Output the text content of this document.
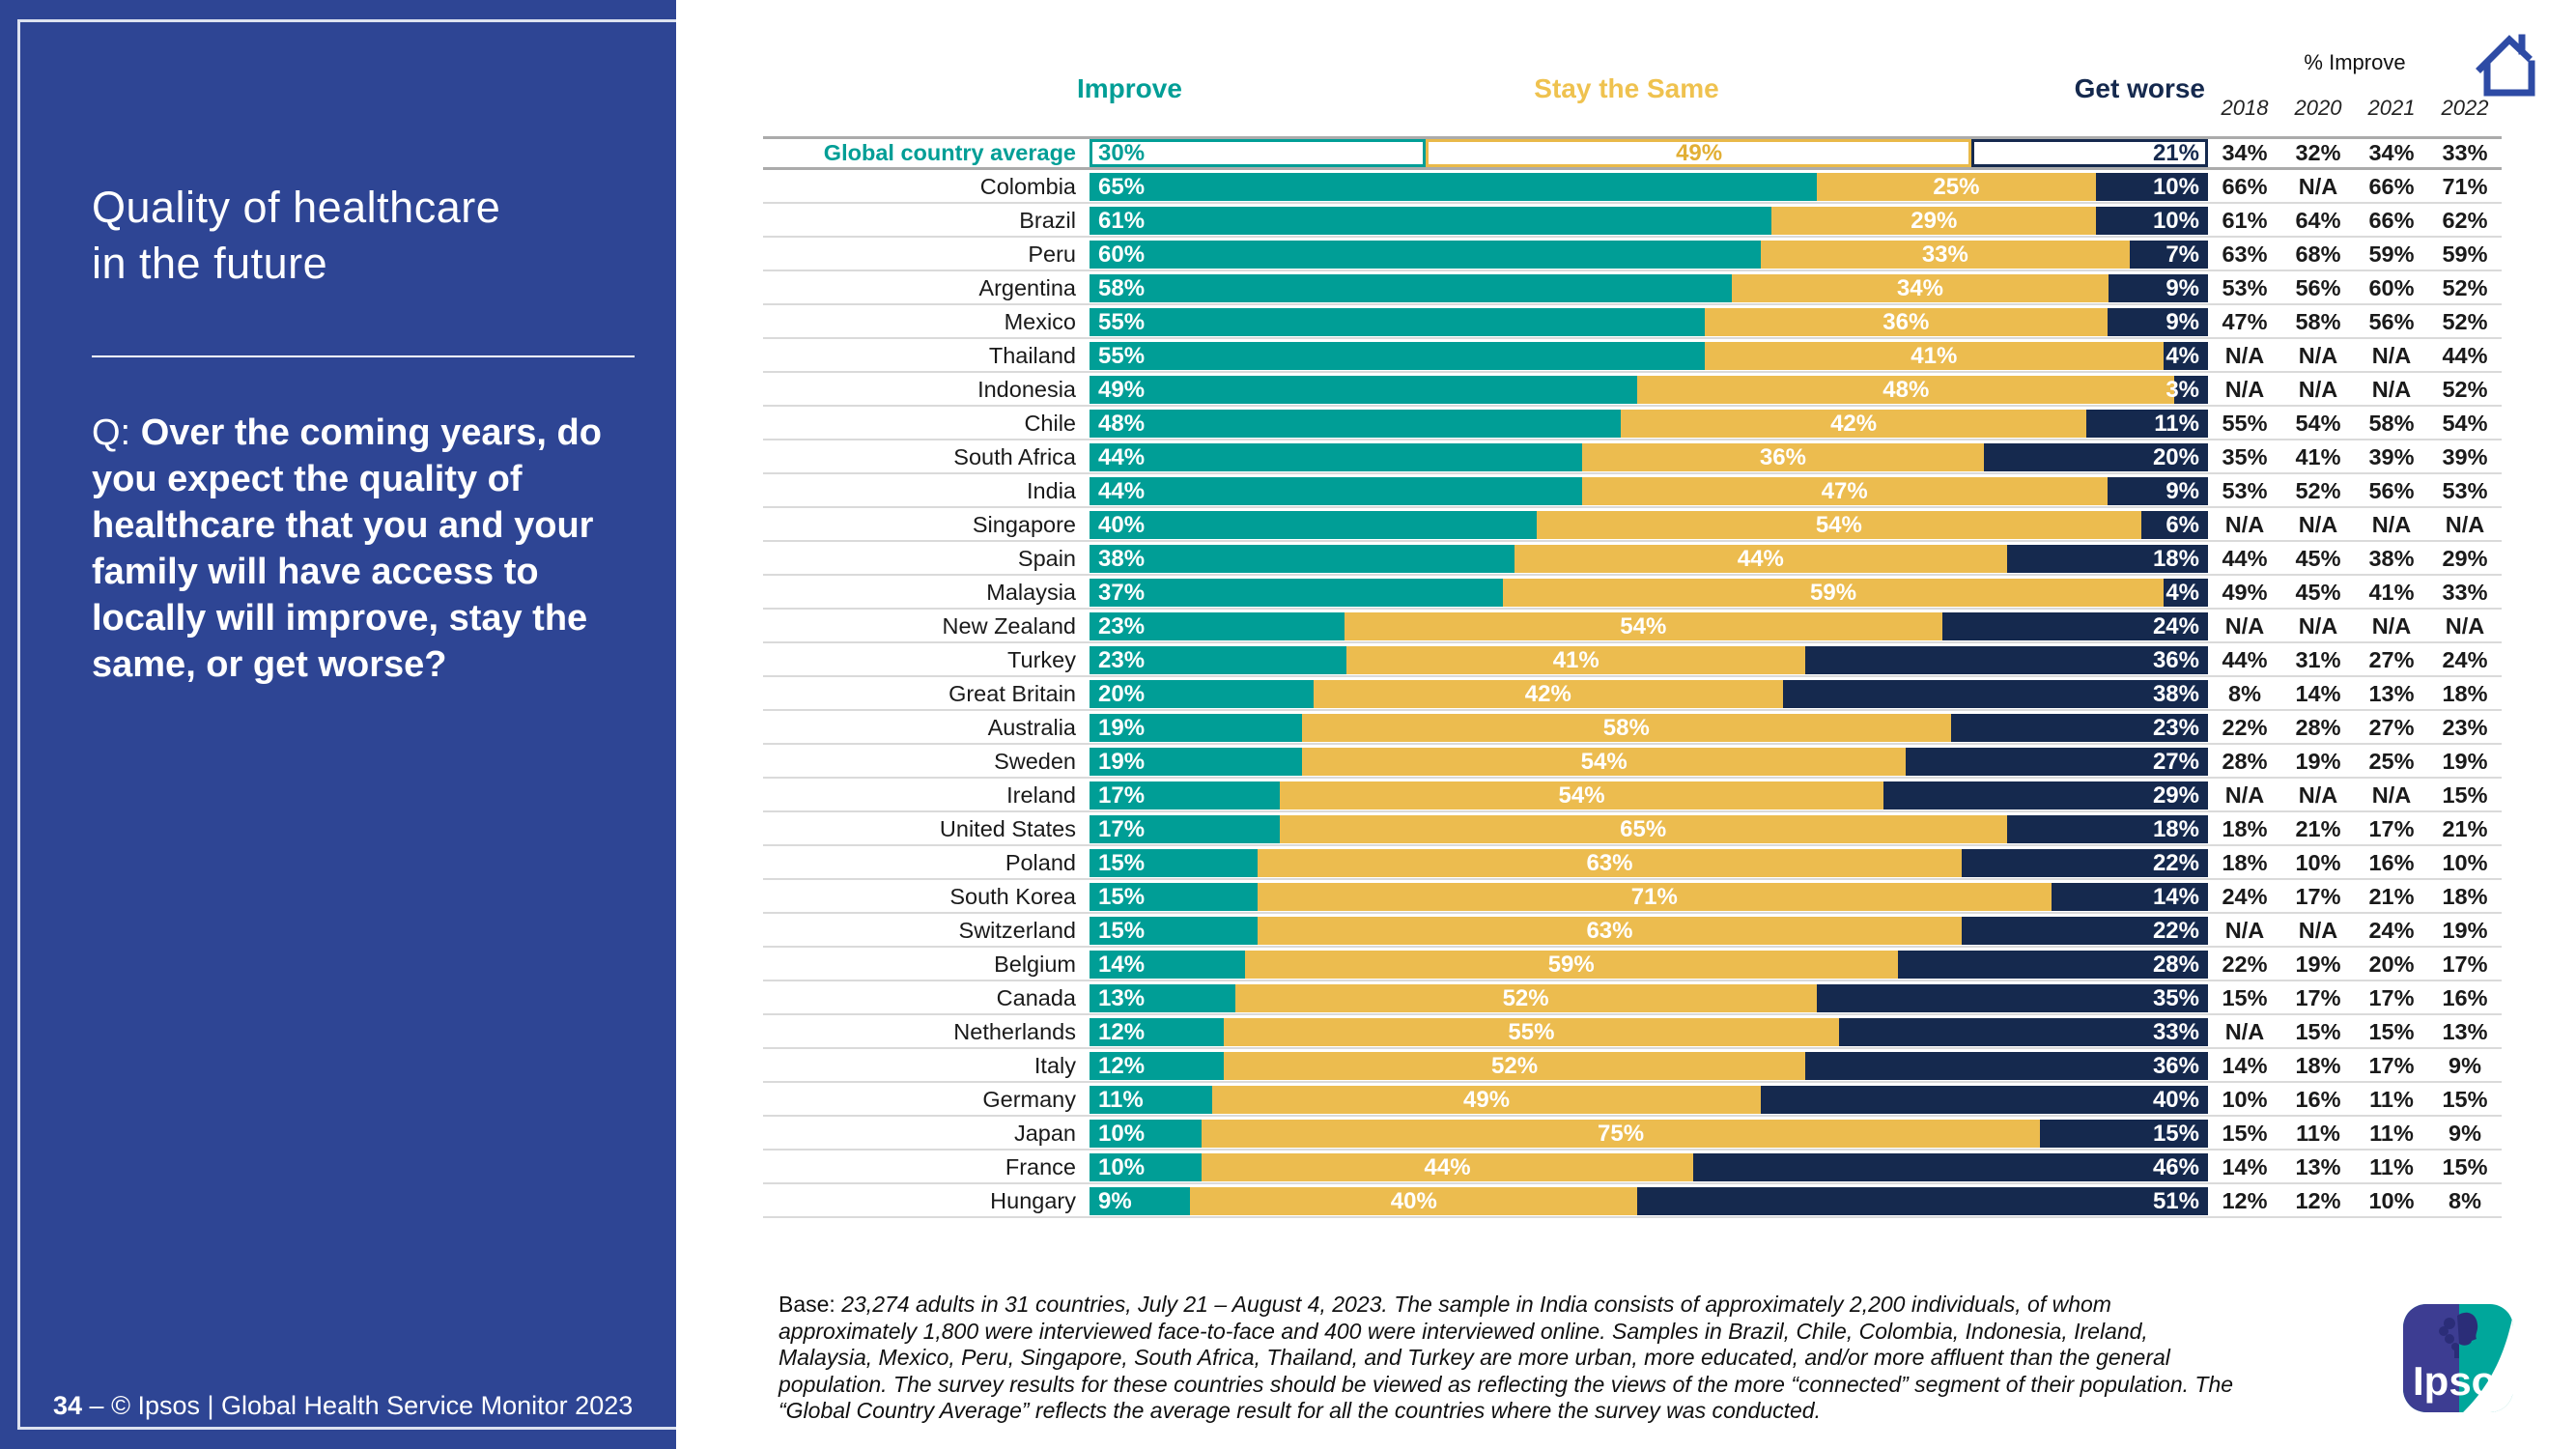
Quality of healthcare
in the future
Q: Over the coming years, do you expect the quality of healthcare that you and your family will have access to locally will improve, stay the same, or get worse?
34 – © Ipsos | Global Health Service Monitor 2023
Improve	Stay the Same	Get worse
% Improve
2018	2020	2021	2022
Global country average 30%	49%	21% 34%	32%	34%	33%
Colombia 65%	25%	10% 66%	N/A	66%	71%
Brazil 61%	29%	10% 61%	64%	66%	62%
Peru 60%	33%	7% 63%	68%	59%	59%
Argentina 58%	34%	9% 53%	56%	60%	52%
Mexico 55%	36%	9% 47%	58%	56%	52%
Thailand 55%	41%	4%	N/A	N/A	N/A	44%
Indonesia 49%	48%	3%	N/A	N/A	N/A	52%
Chile 48%	42%	11% 55%	54%	58%	54%
South Africa 44%	36%	20% 35%	41%	39%	39%
India 44%	47%	9% 53%	52%	56%	53%
Singapore 40%	54%	6%	N/A	N/A	N/A	N/A
Spain 38%	44%	18% 44%	45%	38%	29%
Malaysia 37%	59%	4% 49%	45%	41%	33%
New Zealand 23%	54%	24%	N/A	N/A	N/A	N/A
Turkey 23%	41%	36% 44%	31%	27%	24%
Great Britain 20%	42%	38%	8%	14%	13%	18%
Australia 19%	58%	23% 22%	28%	27%	23%
Sweden 19%	54%	27% 28%	19%	25%	19%
Ireland 17%	54%	29%	N/A	N/A	N/A	15%
United States 17%	65%	18% 18%	21%	17%	21%
Poland 15%	63%	22% 18%	10%	16%	10%
South Korea 15%	71%	14% 24%	17%	21%	18%
Switzerland 15%	63%	22%	N/A	N/A	24%	19%
Belgium 14%	59%	28% 22%	19%	20%	17%
Canada 13%	52%	35% 15%	17%	17%	16%
Netherlands 12%	55%	33%	N/A	15%	15%	13%
Italy 12%	52%	36% 14%	18%	17%	9%
Germany 11%	49%	40% 10%	16%	11%	15%
Japan 10%	75%	15% 15%	11%	11%	9%
France 10%	44%	46% 14%	13%	11%	15%
Hungary 9%	40%	51% 12%	12%	10%	8%
Base: 23,274 adults in 31 countries, July 21 – August 4, 2023. The sample in India consists of approximately 2,200 individuals, of whom approximately 1,800 were interviewed face-to-face and 400 were interviewed online. Samples in Brazil, Chile, Colombia, Indonesia, Ireland, Malaysia, Mexico, Peru, Singapore, South Africa, Thailand, and Turkey are more urban, more educated, and/or more affluent than the general population. The survey results for these countries should be viewed as reflecting the views of the more “connected” segment of their population. The “Global Country Average” reflects the average result for all the countries where the survey was conducted.
Ipsos
